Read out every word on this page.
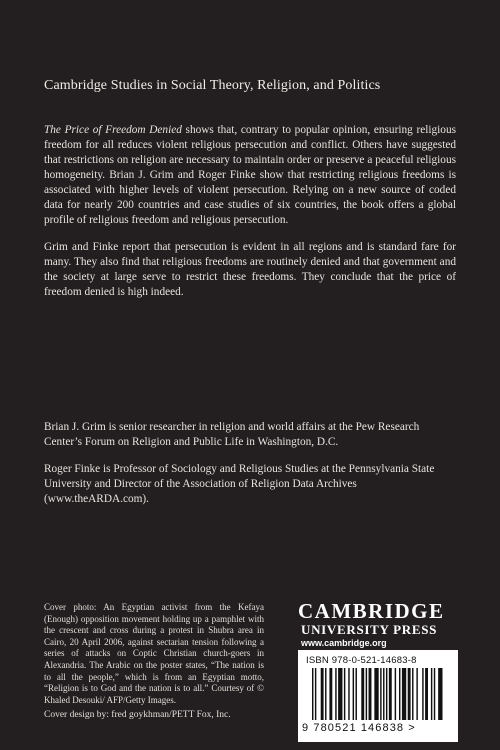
Cambridge Studies in Social Theory, Religion, and Politics

The Price of Freedom Denied shows that, contrary to popular opinion, ensuring religious freedom for all reduces violent religious persecution and conflict. Others have suggested that restrictions on religion are necessary to maintain order or preserve a peaceful religious homogeneity. Brian J. Grim and Roger Finke show that restricting religious freedoms is associated with higher levels of violent persecution. Relying on a new source of coded data for nearly 200 countries and case studies of six countries, the book offers a global profile of religious freedom and religious persecution.

Grim and Finke report that persecution is evident in all regions and is standard fare for many. They also find that religious freedoms are routinely denied and that government and the society at large serve to restrict these freedoms. They conclude that the price of freedom denied is high indeed.

Brian J. Grim is senior researcher in religion and world affairs at the Pew Research Center’s Forum on Religion and Public Life in Washington, D.C.

Roger Finke is Professor of Sociology and Religious Studies at the Pennsylvania State University and Director of the Association of Religion Data Archives (www.theARDA.com).

Cover photo: An Egyptian activist from the Kefaya (Enough) opposition movement holding up a pamphlet with the crescent and cross during a protest in Shubra area in Cairo, 20 April 2006, against sectarian tension following a series of attacks on Coptic Christian church-goers in Alexandria. The Arabic on the poster states, “The nation is to all the people,” which is from an Egyptian motto, “Religion is to God and the nation is to all.” Courtesy of © Khaled Desouki/ AFP/Getty Images.
Cover design by: fred goykhman/PETT Fox, Inc.
CAMBRIDGE
UNIVERSITY PRESS
www.cambridge.org
ISBN 978-0-521-14683-8
9 780521 146838 >
